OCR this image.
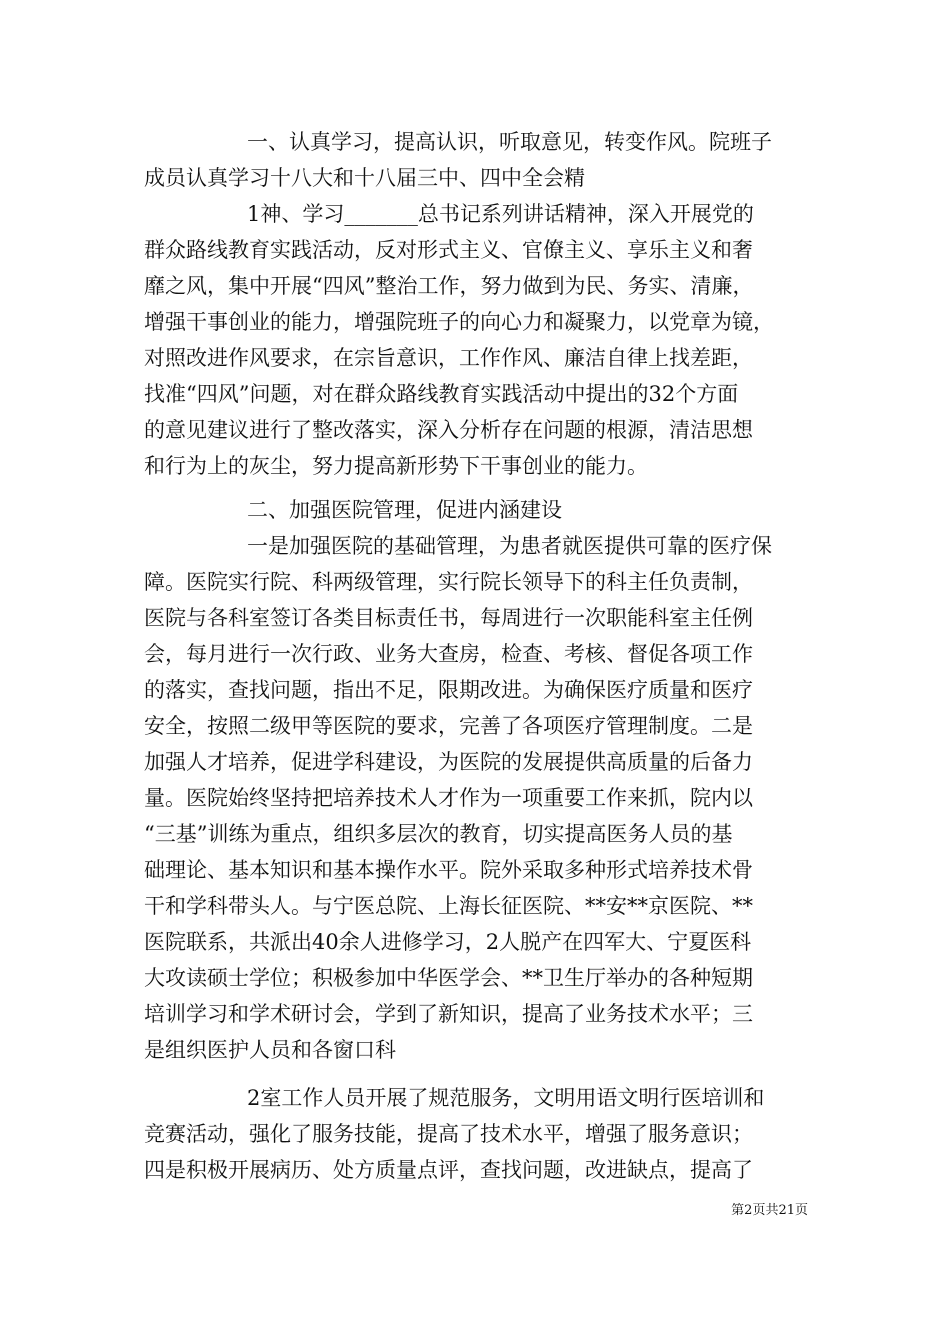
一、认真学习，提高认识，听取意见，转变作风。院班子
成员认真学习十八大和十八届三中、四中全会精
1神、学习_______总书记系列讲话精神，深入开展党的
群众路线教育实践活动，反对形式主义、官僚主义、享乐主义和奢
靡之风，集中开展“四风”整治工作，努力做到为民、务实、清廉，
增强干事创业的能力，增强院班子的向心力和凝聚力，以党章为镜，
对照改进作风要求，在宗旨意识，工作作风、廉洁自律上找差距，
找准“四风”问题，对在群众路线教育实践活动中提出的32个方面
的意见建议进行了整改落实，深入分析存在问题的根源，清洁思想
和行为上的灰尘，努力提高新形势下干事创业的能力。
二、加强医院管理，促进内涵建设
一是加强医院的基础管理，为患者就医提供可靠的医疗保
障。医院实行院、科两级管理，实行院长领导下的科主任负责制，
医院与各科室签订各类目标责任书，每周进行一次职能科室主任例
会，每月进行一次行政、业务大查房，检查、考核、督促各项工作
的落实，查找问题，指出不足，限期改进。为确保医疗质量和医疗
安全，按照二级甲等医院的要求，完善了各项医疗管理制度。二是
加强人才培养，促进学科建设，为医院的发展提供高质量的后备力
量。医院始终坚持把培养技术人才作为一项重要工作来抓，院内以
“三基”训练为重点，组织多层次的教育，切实提高医务人员的基
础理论、基本知识和基本操作水平。院外采取多种形式培养技术骨
干和学科带头人。与宁医总院、上海长征医院、**安**京医院、**
医院联系，共派出40余人进修学习，2人脱产在四军大、宁夏医科
大攻读硕士学位；积极参加中华医学会、**卫生厅举办的各种短期
培训学习和学术研讨会，学到了新知识，提高了业务技术水平；三
是组织医护人员和各窗口科
2室工作人员开展了规范服务，文明用语文明行医培训和
竞赛活动，强化了服务技能，提高了技术水平，增强了服务意识；
四是积极开展病历、处方质量点评，查找问题，改进缺点，提高了
第2页共21页
